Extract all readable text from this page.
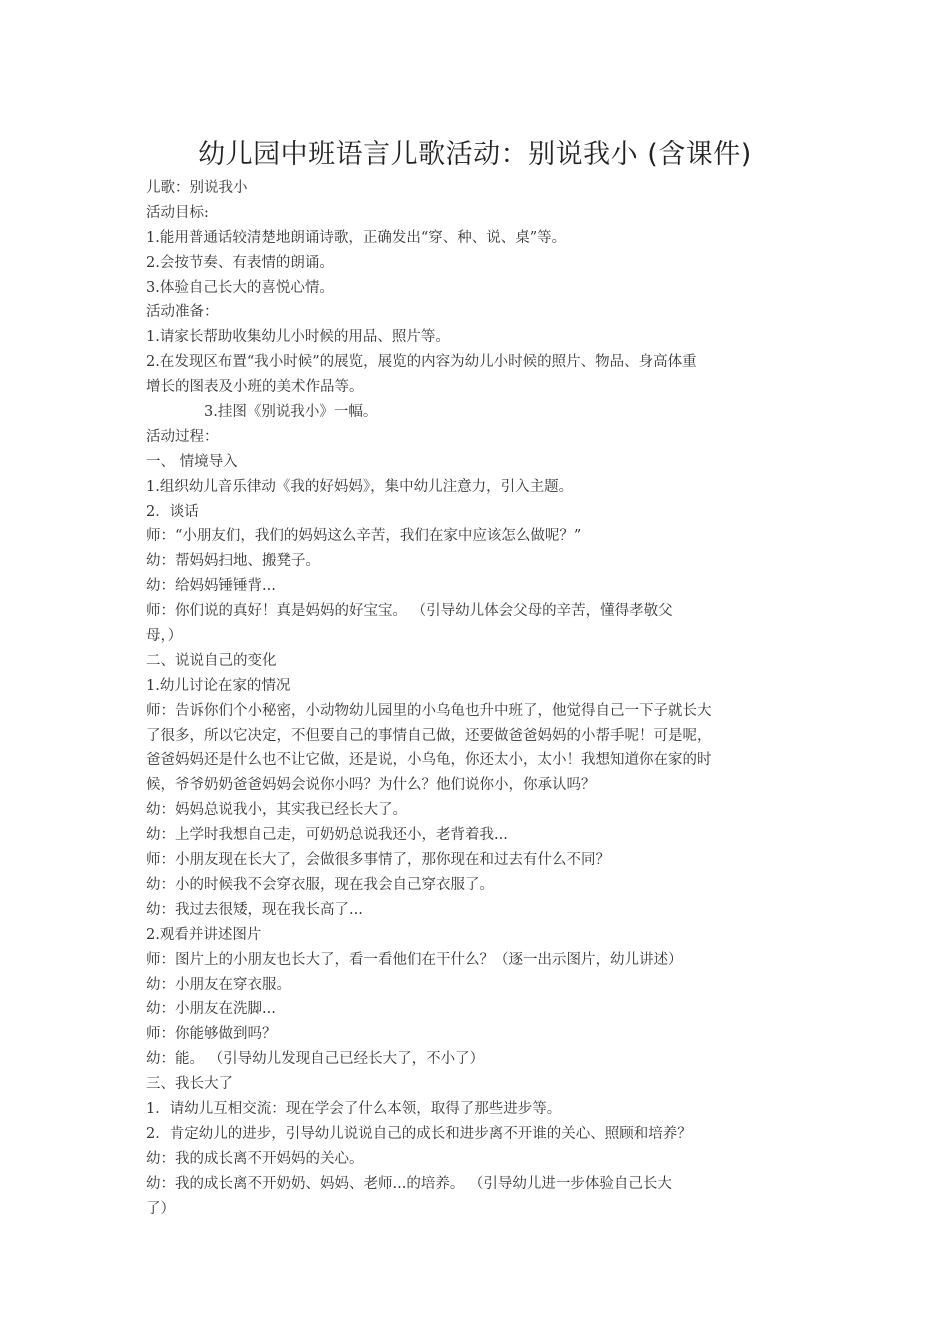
幼儿园中班语言儿歌活动：别说我小 (含课件)
儿歌：别说我小
活动目标:
1.能用普通话较清楚地朗诵诗歌，正确发出“穿、种、说、桌”等。
2.会按节奏、有表情的朗诵。
3.体验自己长大的喜悦心情。
活动准备：
1.请家长帮助收集幼儿小时候的用品、照片等。
2.在发现区布置“我小时候”的展览，展览的内容为幼儿小时候的照片、物品、身高体重
增长的图表及小班的美术作品等。
3.挂图《别说我小》一幅。
活动过程：
一、 情境导入
1.组织幼儿音乐律动《我的好妈妈》，集中幼儿注意力，引入主题。
2．谈话
师：“小朋友们，我们的妈妈这么辛苦，我们在家中应该怎么做呢？”
幼：帮妈妈扫地、搬凳子。
幼：给妈妈锤锤背...
师：你们说的真好！真是妈妈的好宝宝。 （引导幼儿体会父母的辛苦，懂得孝敬父
母，）
二、说说自己的变化
1.幼儿讨论在家的情况
师：告诉你们个小秘密，小动物幼儿园里的小乌龟也升中班了，他觉得自己一下子就长大
了很多，所以它决定，不但要自己的事情自己做，还要做爸爸妈妈的小帮手呢！可是呢，
爸爸妈妈还是什么也不让它做，还是说，小乌龟，你还太小，太小！我想知道你在家的时
候，爷爷奶奶爸爸妈妈会说你小吗？为什么？他们说你小，你承认吗？
幼：妈妈总说我小，其实我已经长大了。
幼：上学时我想自己走，可奶奶总说我还小，老背着我...
师：小朋友现在长大了，会做很多事情了，那你现在和过去有什么不同？
幼：小的时候我不会穿衣服，现在我会自己穿衣服了。
幼：我过去很矮，现在我长高了...
2.观看并讲述图片
师：图片上的小朋友也长大了，看一看他们在干什么？（逐一出示图片，幼儿讲述）
幼：小朋友在穿衣服。
幼：小朋友在洗脚...
师：你能够做到吗？
幼：能。 （引导幼儿发现自己已经长大了，不小了）
三、我长大了
1．请幼儿互相交流：现在学会了什么本领，取得了那些进步等。
2．肯定幼儿的进步，引导幼儿说说自己的成长和进步离不开谁的关心、照顾和培养？
幼：我的成长离不开妈妈的关心。
幼：我的成长离不开奶奶、妈妈、老师...的培养。 （引导幼儿进一步体验自己长大
了）
